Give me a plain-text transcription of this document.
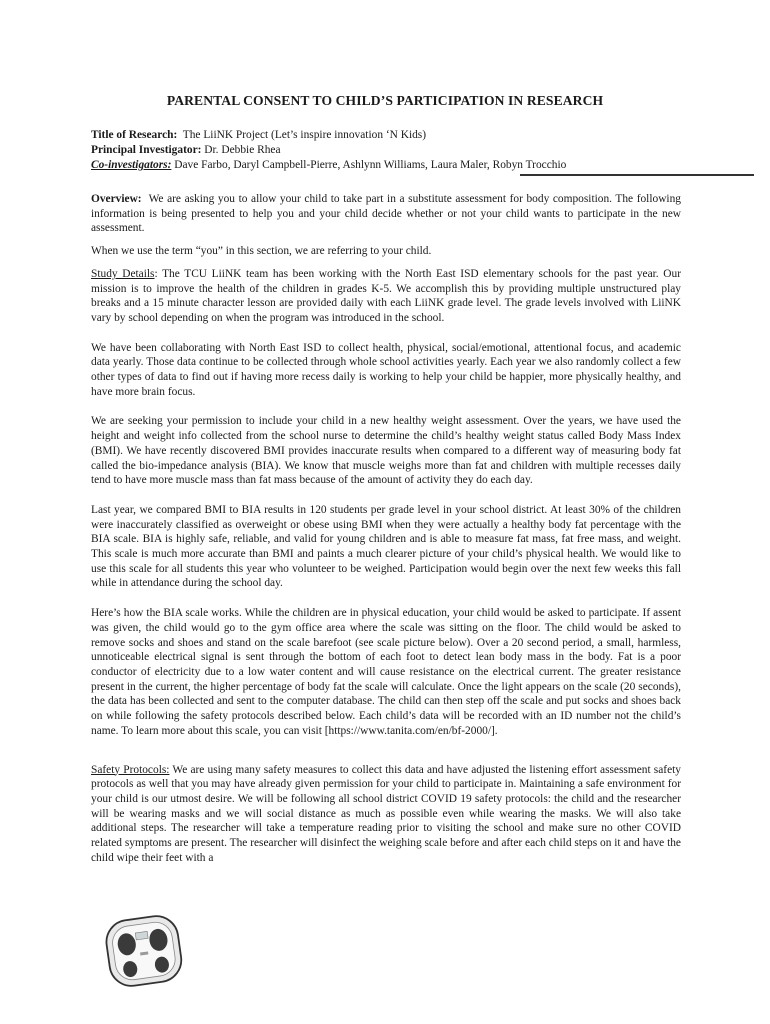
PARENTAL CONSENT TO CHILD’S PARTICIPATION IN RESEARCH
Title of Research: The LiiNK Project (Let’s inspire innovation ‘N Kids)
Principal Investigator: Dr. Debbie Rhea
Co-investigators: Dave Farbo, Daryl Campbell-Pierre, Ashlynn Williams, Laura Maler, Robyn Trocchio

Overview: We are asking you to allow your child to take part in a substitute assessment for body composition. The following information is being presented to help you and your child decide whether or not your child wants to participate in the new assessment.

When we use the term “you” in this section, we are referring to your child.

Study Details: The TCU LiiNK team has been working with the North East ISD elementary schools for the past year. Our mission is to improve the health of the children in grades K-5. We accomplish this by providing multiple unstructured play breaks and a 15 minute character lesson are provided daily with each LiiNK grade level. The grade levels involved with LiiNK vary by school depending on when the program was introduced in the school.

We have been collaborating with North East ISD to collect health, physical, social/emotional, attentional focus, and academic data yearly. Those data continue to be collected through whole school activities yearly. Each year we also randomly collect a few other types of data to find out if having more recess daily is working to help your child be happier, more physically healthy, and have more brain focus.

We are seeking your permission to include your child in a new healthy weight assessment. Over the years, we have used the height and weight info collected from the school nurse to determine the child’s healthy weight status called Body Mass Index (BMI). We have recently discovered BMI provides inaccurate results when compared to a different way of measuring body fat called the bio-impedance analysis (BIA). We know that muscle weighs more than fat and children with multiple recesses daily tend to have more muscle mass than fat mass because of the amount of activity they do each day.

Last year, we compared BMI to BIA results in 120 students per grade level in your school district. At least 30% of the children were inaccurately classified as overweight or obese using BMI when they were actually a healthy body fat percentage with the BIA scale. BIA is highly safe, reliable, and valid for young children and is able to measure fat mass, fat free mass, and weight. This scale is much more accurate than BMI and paints a much clearer picture of your child’s physical health. We would like to use this scale for all students this year who volunteer to be weighed. Participation would begin over the next few weeks this fall while in attendance during the school day.

Here’s how the BIA scale works. While the children are in physical education, your child would be asked to participate. If assent was given, the child would go to the gym office area where the scale was sitting on the floor. The child would be asked to remove socks and shoes and stand on the scale barefoot (see scale picture below). Over a 20 second period, a small, harmless, unnoticeable electrical signal is sent through the bottom of each foot to detect lean body mass in the body. Fat is a poor conductor of electricity due to a low water content and will cause resistance on the electrical current. The greater resistance present in the current, the higher percentage of body fat the scale will calculate. Once the light appears on the scale (20 seconds), the data has been collected and sent to the computer database. The child can then step off the scale and put socks and shoes back on while following the safety protocols described below. Each child’s data will be recorded with an ID number not the child’s name. To learn more about this scale, you can visit [https://www.tanita.com/en/bf-2000/].

Safety Protocols: We are using many safety measures to collect this data and have adjusted the listening effort assessment safety protocols as well that you may have already given permission for your child to participate in. Maintaining a safe environment for your child is our utmost desire. We will be following all school district COVID 19 safety protocols: the child and the researcher will be wearing masks and we will social distance as much as possible even while wearing the masks. We will also take additional steps. The researcher will take a temperature reading prior to visiting the school and make sure no other COVID related symptoms are present. The researcher will disinfect the weighing scale before and after each child steps on it and have the child wipe their feet with a
